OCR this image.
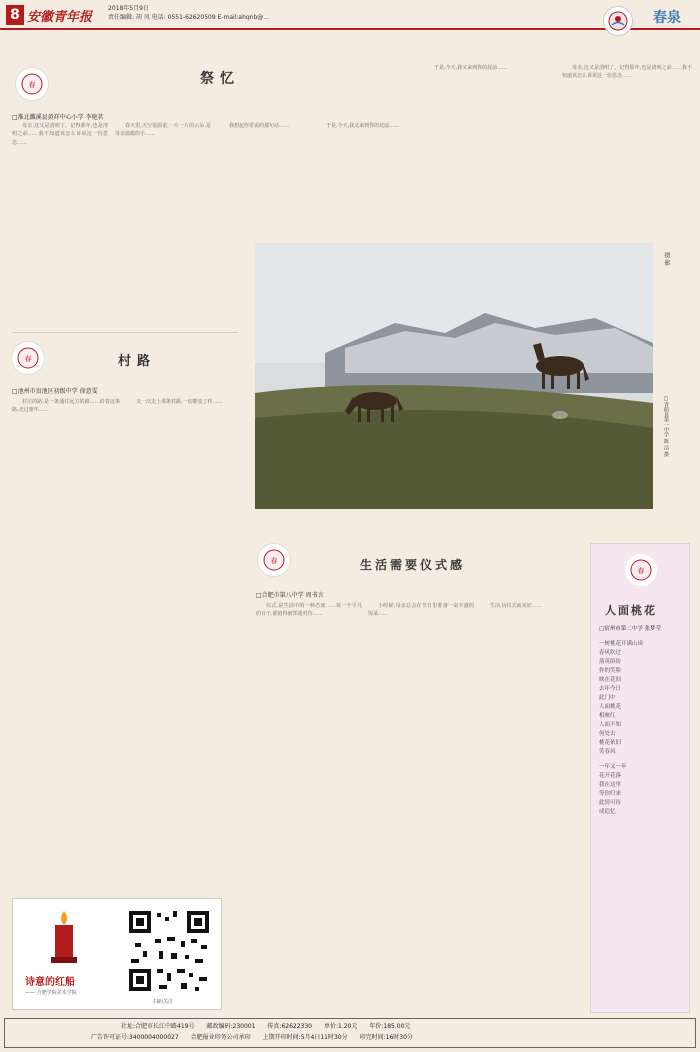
8 安徽青年报
2018年5月9日
责任编辑: 胡 风 电话: 0551-62620509 E-mail:ahqnb@...	春泉
春	祭忆
□淮北濉溪县黄祥中心小学 李艳茗

母亲,这又是清明了。记得那年,也是清明之前……我不知道该怎么诉说这一份思念……

春天里,天空很温柔,一片一片的云朵,是母亲温暖的手……

我想起你常说的那句话……	于是,今天,我又来到你的坟前……

于是,今天,我又来到你的坟前……	母亲,这又是清明了。记得那年,也是清明之前……我不知道该怎么诉说这一份思念……

春	村路
□池州市贵池区初级中学 徐意雯

村庄的路,是一条通往远方的路……沿着这条路,走过童年……

又一次走上那条村路,一切都变了样……

摄 影
□青阳县第一中学 陈 洁 摄
春	生活需要仪式感
□合肥市第八中学 周书言

仪式,是生活中的一种态度……每一个平凡的日子,都值得被郑重对待……

小时候,母亲总会在节日里准备一桌丰盛的饭菜……

生活,因仪式而美好……

春
人面桃花
□宿州市第二中学 张梦莹
一树桃花开满山岗
春风吹过
落英缤纷
你的笑脸
映在花间
去年今日
此门中
人面桃花
相映红
人面不知
何处去
桃花依旧
笑春风
一年又一年
花开花落
我在这里
等你归来
此情可待
成追忆
诗意的红船
—— 合肥学院美术学院
扫码关注
社址:合肥市长江中路419号	邮政编码:230001	传真:62622330	单价:1.20元	年价:185.00元
广告许可证号:3400004000027	合肥报业印务公司承印	上期开印时间:5月4日11时30分	印完时间:16时30分
